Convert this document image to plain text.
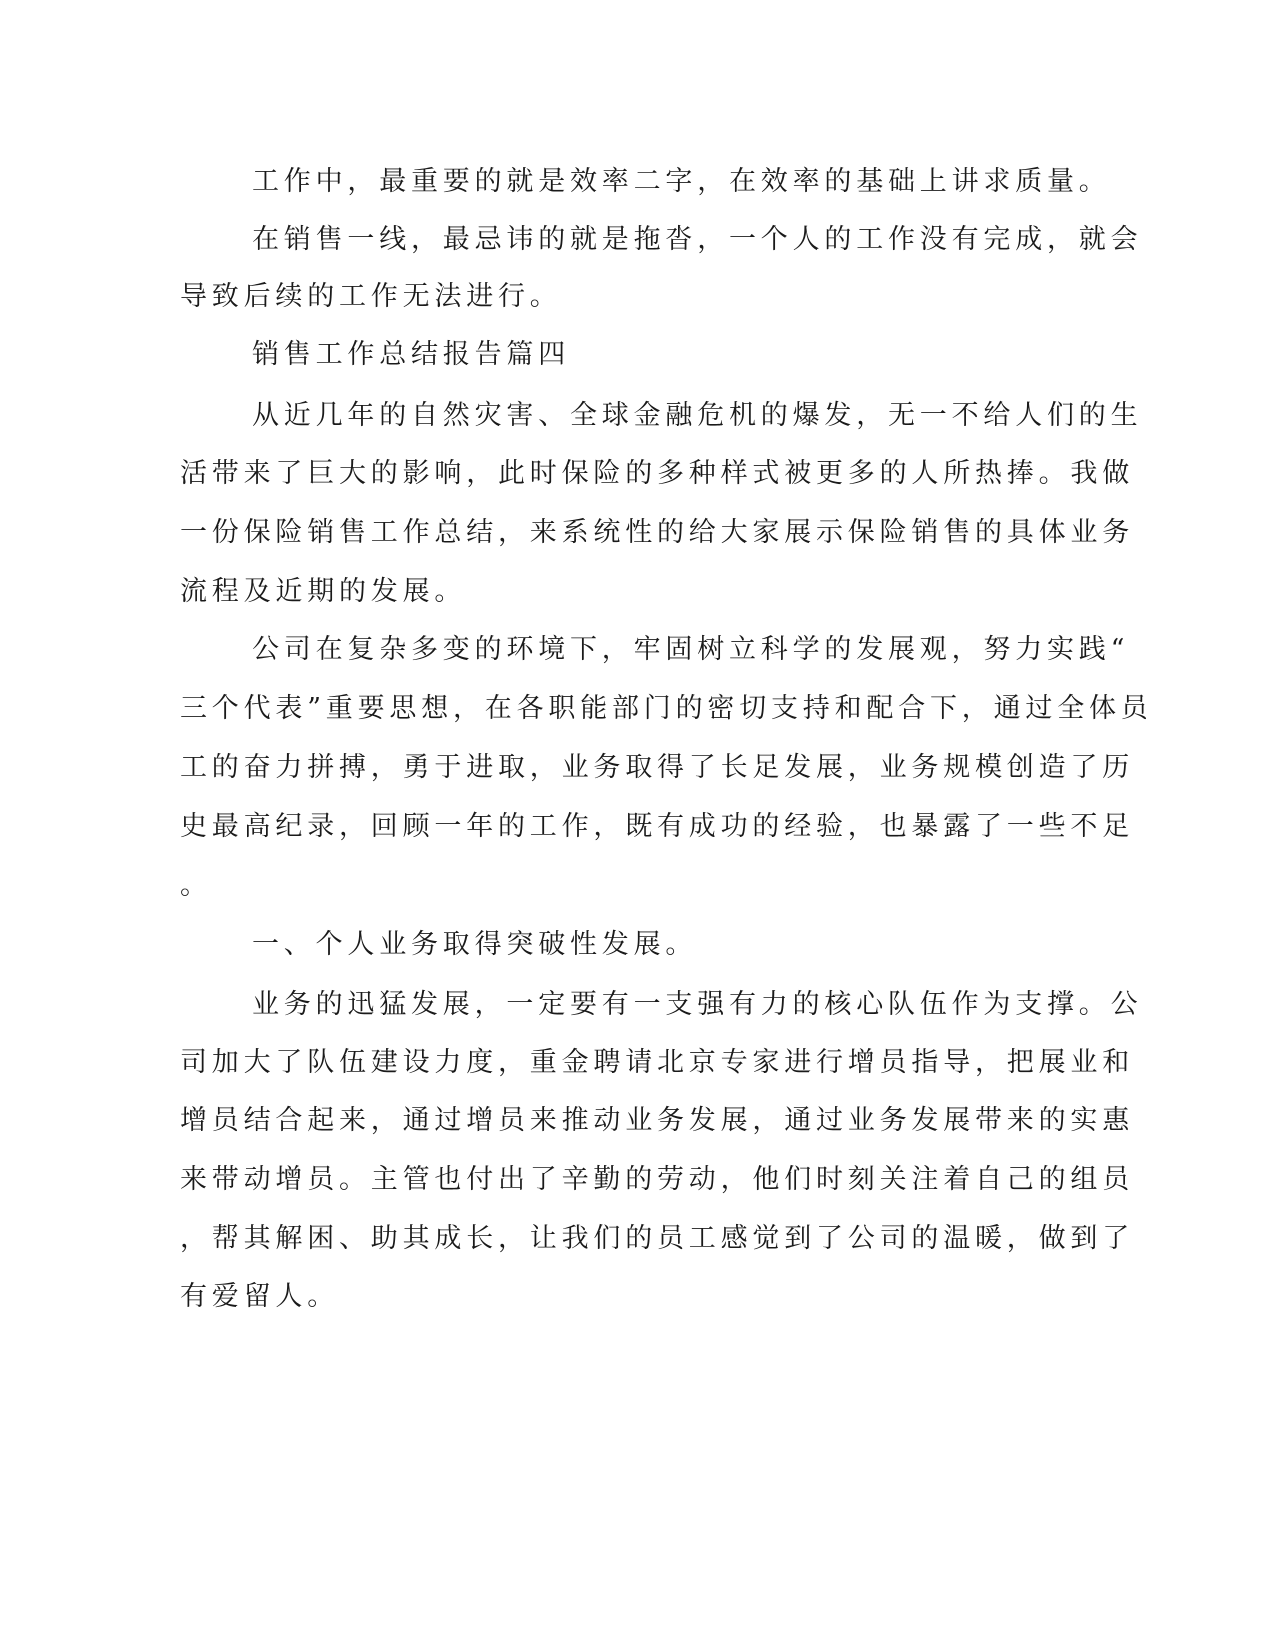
工作中，最重要的就是效率二字，在效率的基础上讲求质量。
在销售一线，最忌讳的就是拖沓，一个人的工作没有完成，就会
导致后续的工作无法进行。
销售工作总结报告篇四
从近几年的自然灾害、全球金融危机的爆发，无一不给人们的生
活带来了巨大的影响，此时保险的多种样式被更多的人所热捧。我做
一份保险销售工作总结，来系统性的给大家展示保险销售的具体业务
流程及近期的发展。
公司在复杂多变的环境下，牢固树立科学的发展观，努力实践“
三个代表”重要思想，在各职能部门的密切支持和配合下，通过全体员
工的奋力拼搏，勇于进取，业务取得了长足发展，业务规模创造了历
史最高纪录，回顾一年的工作，既有成功的经验，也暴露了一些不足
。
一、个人业务取得突破性发展。
业务的迅猛发展，一定要有一支强有力的核心队伍作为支撑。公
司加大了队伍建设力度，重金聘请北京专家进行增员指导，把展业和
增员结合起来，通过增员来推动业务发展，通过业务发展带来的实惠
来带动增员。主管也付出了辛勤的劳动，他们时刻关注着自己的组员
，帮其解困、助其成长，让我们的员工感觉到了公司的温暖，做到了
有爱留人。
